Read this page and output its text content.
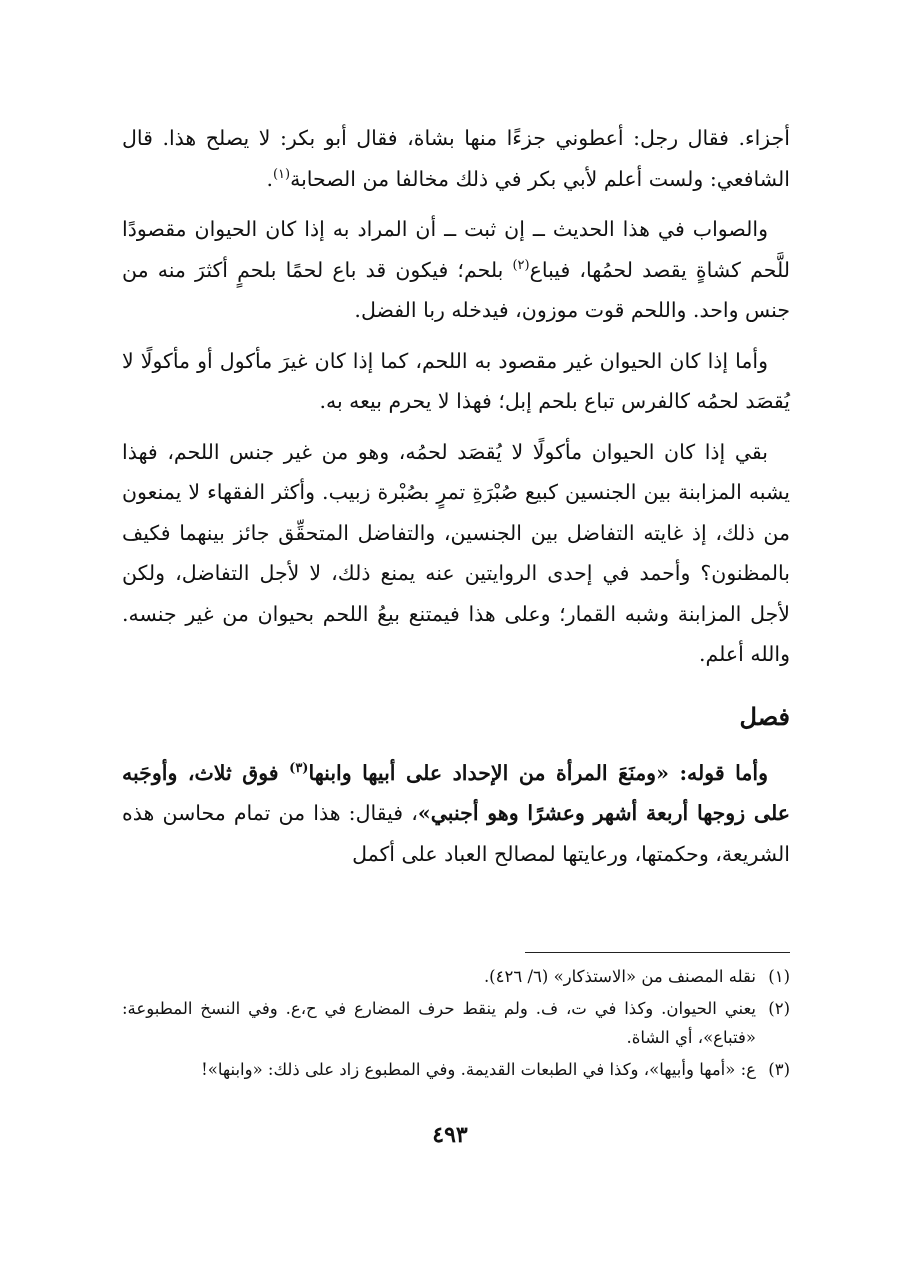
أجزاء. فقال رجل: أعطوني جزءًا منها بشاة، فقال أبو بكر: لا يصلح هذا. قال الشافعي: ولست أعلم لأبي بكر في ذلك مخالفا من الصحابة$^{(١)}$.

والصواب في هذا الحديث ــ إن ثبت ــ أن المراد به إذا كان الحيوان مقصودًا للَّحم كشاةٍ يقصد لحمُها، فيباع$^{(٢)}$ بلحم؛ فيكون قد باع لحمًا بلحمٍ أكثرَ منه من جنس واحد. واللحم قوت موزون، فيدخله ربا الفضل.

وأما إذا كان الحيوان غير مقصود به اللحم، كما إذا كان غيرَ مأكول أو مأكولًا لا يُقصَد لحمُه كالفرس تباع بلحم إبل؛ فهذا لا يحرم بيعه به.

بقي إذا كان الحيوان مأكولًا لا يُقصَد لحمُه، وهو من غير جنس اللحم، فهذا يشبه المزابنة بين الجنسين كبيع صُبْرَةِ تمرٍ بصُبْرة زبيب. وأكثر الفقهاء لا يمنعون من ذلك، إذ غايته التفاضل بين الجنسين، والتفاضل المتحقِّق جائز بينهما فكيف بالمظنون؟ وأحمد في إحدى الروايتين عنه يمنع ذلك، لا لأجل التفاضل، ولكن لأجل المزابنة وشبه القمار؛ وعلى هذا فيمتنع بيعُ اللحم بحيوان من غير جنسه. والله أعلم.

فصل

وأما قوله: «ومنَعَ المرأة من الإحداد على أبيها وابنها$^{(٣)}$ فوق ثلاث، وأوجَبه على زوجها أربعة أشهر وعشرًا وهو أجنبي»، فيقال: هذا من تمام محاسن هذه الشريعة، وحكمتها، ورعايتها لمصالح العباد على أكمل

(١)
نقله المصنف من «الاستذكار» (٦/ ٤٢٦).
(٢)
يعني الحيوان. وكذا في ت، ف. ولم ينقط حرف المضارع في ح،ع. وفي النسخ المطبوعة: «فتباع»، أي الشاة.
(٣)
ع: «أمها وأبيها»، وكذا في الطبعات القديمة. وفي المطبوع زاد على ذلك: «وابنها»!
٤٩٣
